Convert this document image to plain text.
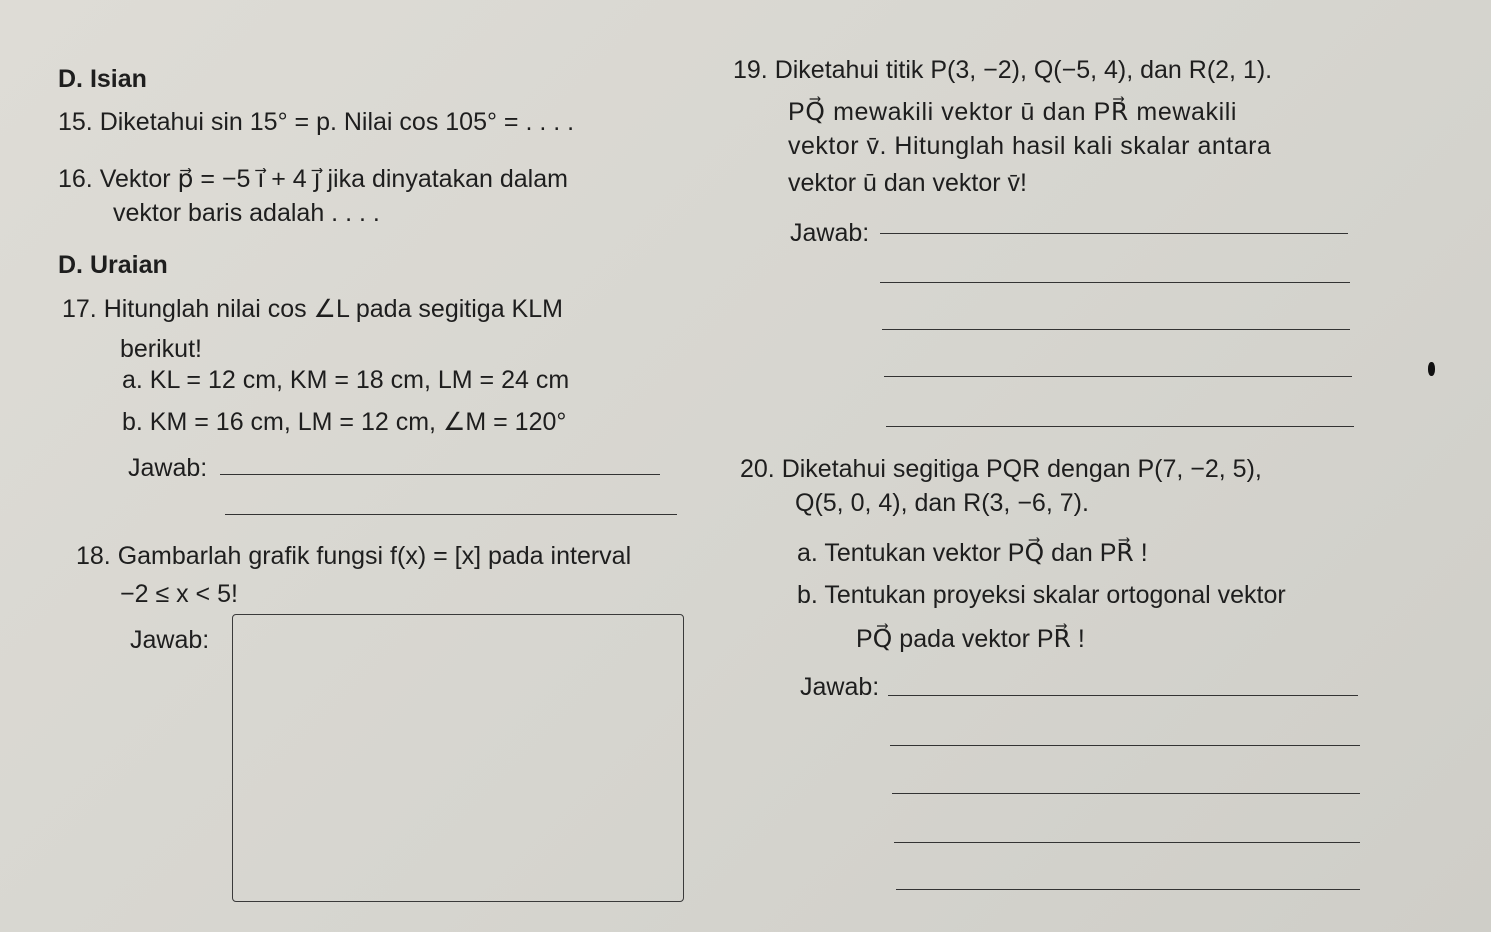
D. Isian
15. Diketahui sin 15° = p. Nilai cos 105° = . . . .
16. Vektor p⃗ = −5 i⃗ + 4 j⃗ jika dinyatakan dalam
vektor baris adalah . . . .
D. Uraian
17. Hitunglah nilai cos ∠L pada segitiga KLM
berikut!
a. KL = 12 cm, KM = 18 cm, LM = 24 cm
b. KM = 16 cm, LM = 12 cm, ∠M = 120°
Jawab:
18. Gambarlah grafik fungsi f(x) = [x] pada interval
−2 ≤ x < 5!
Jawab:
19. Diketahui titik P(3, −2), Q(−5, 4), dan R(2, 1).
PQ⃗ mewakili vektor ū dan PR⃗ mewakili
vektor v̄. Hitunglah hasil kali skalar antara
vektor ū dan vektor v̄!
Jawab:
20. Diketahui segitiga PQR dengan P(7, −2, 5),
Q(5, 0, 4), dan R(3, −6, 7).
a. Tentukan vektor PQ⃗ dan PR⃗ !
b. Tentukan proyeksi skalar ortogonal vektor
PQ⃗ pada vektor PR⃗ !
Jawab:
